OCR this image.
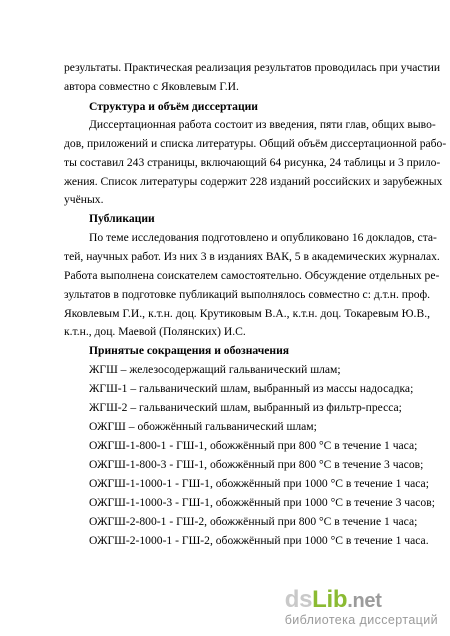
результаты. Практическая реализация результатов проводилась при участии
автора совместно с Яковлевым Г.И.
Структура и объём диссертации
Диссертационная работа состоит из введения, пяти глав, общих выво-
дов, приложений и списка литературы. Общий объём диссертационной рабо-
ты составил 243 страницы, включающий 64 рисунка, 24 таблицы и 3 прило-
жения. Список литературы содержит 228 изданий российских и зарубежных
учёных.
Публикации
По теме исследования подготовлено и опубликовано 16 докладов, ста-
тей, научных работ. Из них 3 в изданиях ВАК, 5 в академических журналах.
Работа выполнена соискателем самостоятельно. Обсуждение отдельных ре-
зультатов в подготовке публикаций выполнялось совместно с: д.т.н. проф.
Яковлевым Г.И., к.т.н. доц. Крутиковым В.А., к.т.н. доц. Токаревым Ю.В.,
к.т.н., доц. Маевой (Полянских) И.С.
Принятые сокращения и обозначения
ЖГШ – железосодержащий гальванический шлам;
ЖГШ-1 – гальванический шлам, выбранный из массы надосадка;
ЖГШ-2 – гальванический шлам, выбранный из фильтр-пресса;
ОЖГШ – обожжённый гальванический шлам;
ОЖГШ-1-800-1 - ГШ-1, обожжённый при 800 °С в течение 1 часа;
ОЖГШ-1-800-3 - ГШ-1, обожжённый при 800 °С в течение 3 часов;
ОЖГШ-1-1000-1 - ГШ-1, обожжённый при 1000 °С в течение 1 часа;
ОЖГШ-1-1000-3 - ГШ-1, обожжённый при 1000 °С в течение 3 часов;
ОЖГШ-2-800-1 - ГШ-2, обожжённый при 800 °С в течение 1 часа;
ОЖГШ-2-1000-1 - ГШ-2, обожжённый при 1000 °С в течение 1 часа.
dsLib.net
библиотека диссертаций
